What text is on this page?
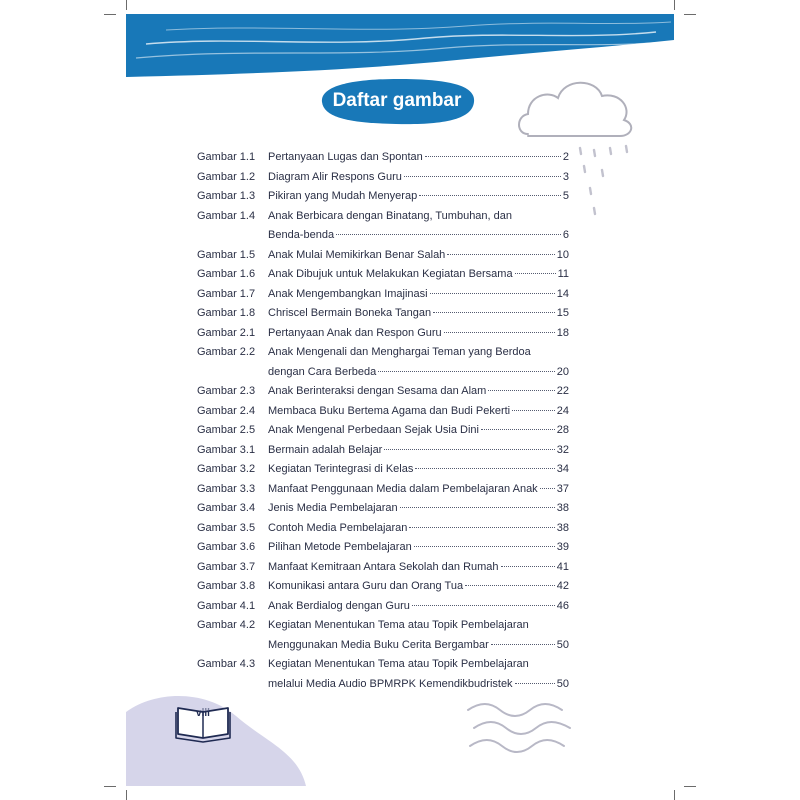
Daftar gambar
Gambar 1.1	Pertanyaan Lugas dan Spontan	2
Gambar 1.2	Diagram Alir Respons Guru	3
Gambar 1.3	Pikiran yang Mudah Menyerap	5
Gambar 1.4	Anak Berbicara dengan Binatang, Tumbuhan, dan
Benda-benda	6
Gambar 1.5	Anak Mulai Memikirkan Benar Salah	10
Gambar 1.6	Anak Dibujuk untuk Melakukan Kegiatan Bersama	11
Gambar 1.7	Anak Mengembangkan Imajinasi	14
Gambar 1.8	Chriscel Bermain Boneka Tangan	15
Gambar 2.1	Pertanyaan Anak dan Respon Guru	18
Gambar 2.2	Anak Mengenali dan Menghargai Teman yang Berdoa
dengan Cara Berbeda	20
Gambar 2.3	Anak Berinteraksi dengan Sesama dan Alam	22
Gambar 2.4	Membaca Buku Bertema Agama dan Budi Pekerti	24
Gambar 2.5	Anak Mengenal Perbedaan Sejak Usia Dini	28
Gambar 3.1	Bermain adalah Belajar	32
Gambar 3.2	Kegiatan Terintegrasi di Kelas	34
Gambar 3.3	Manfaat Penggunaan Media dalam Pembelajaran Anak 37
Gambar 3.4	Jenis Media Pembelajaran	38
Gambar 3.5	Contoh Media Pembelajaran	38
Gambar 3.6	Pilihan Metode Pembelajaran	39
Gambar 3.7	Manfaat Kemitraan Antara Sekolah dan Rumah	41
Gambar 3.8	Komunikasi antara Guru dan Orang Tua	42
Gambar 4.1	Anak Berdialog dengan Guru	46
Gambar 4.2	Kegiatan Menentukan Tema atau Topik Pembelajaran
Menggunakan Media Buku Cerita Bergambar	50
Gambar 4.3	Kegiatan Menentukan Tema atau Topik Pembelajaran
melalui Media Audio BPMRPK Kemendikbudristek	50
viii
